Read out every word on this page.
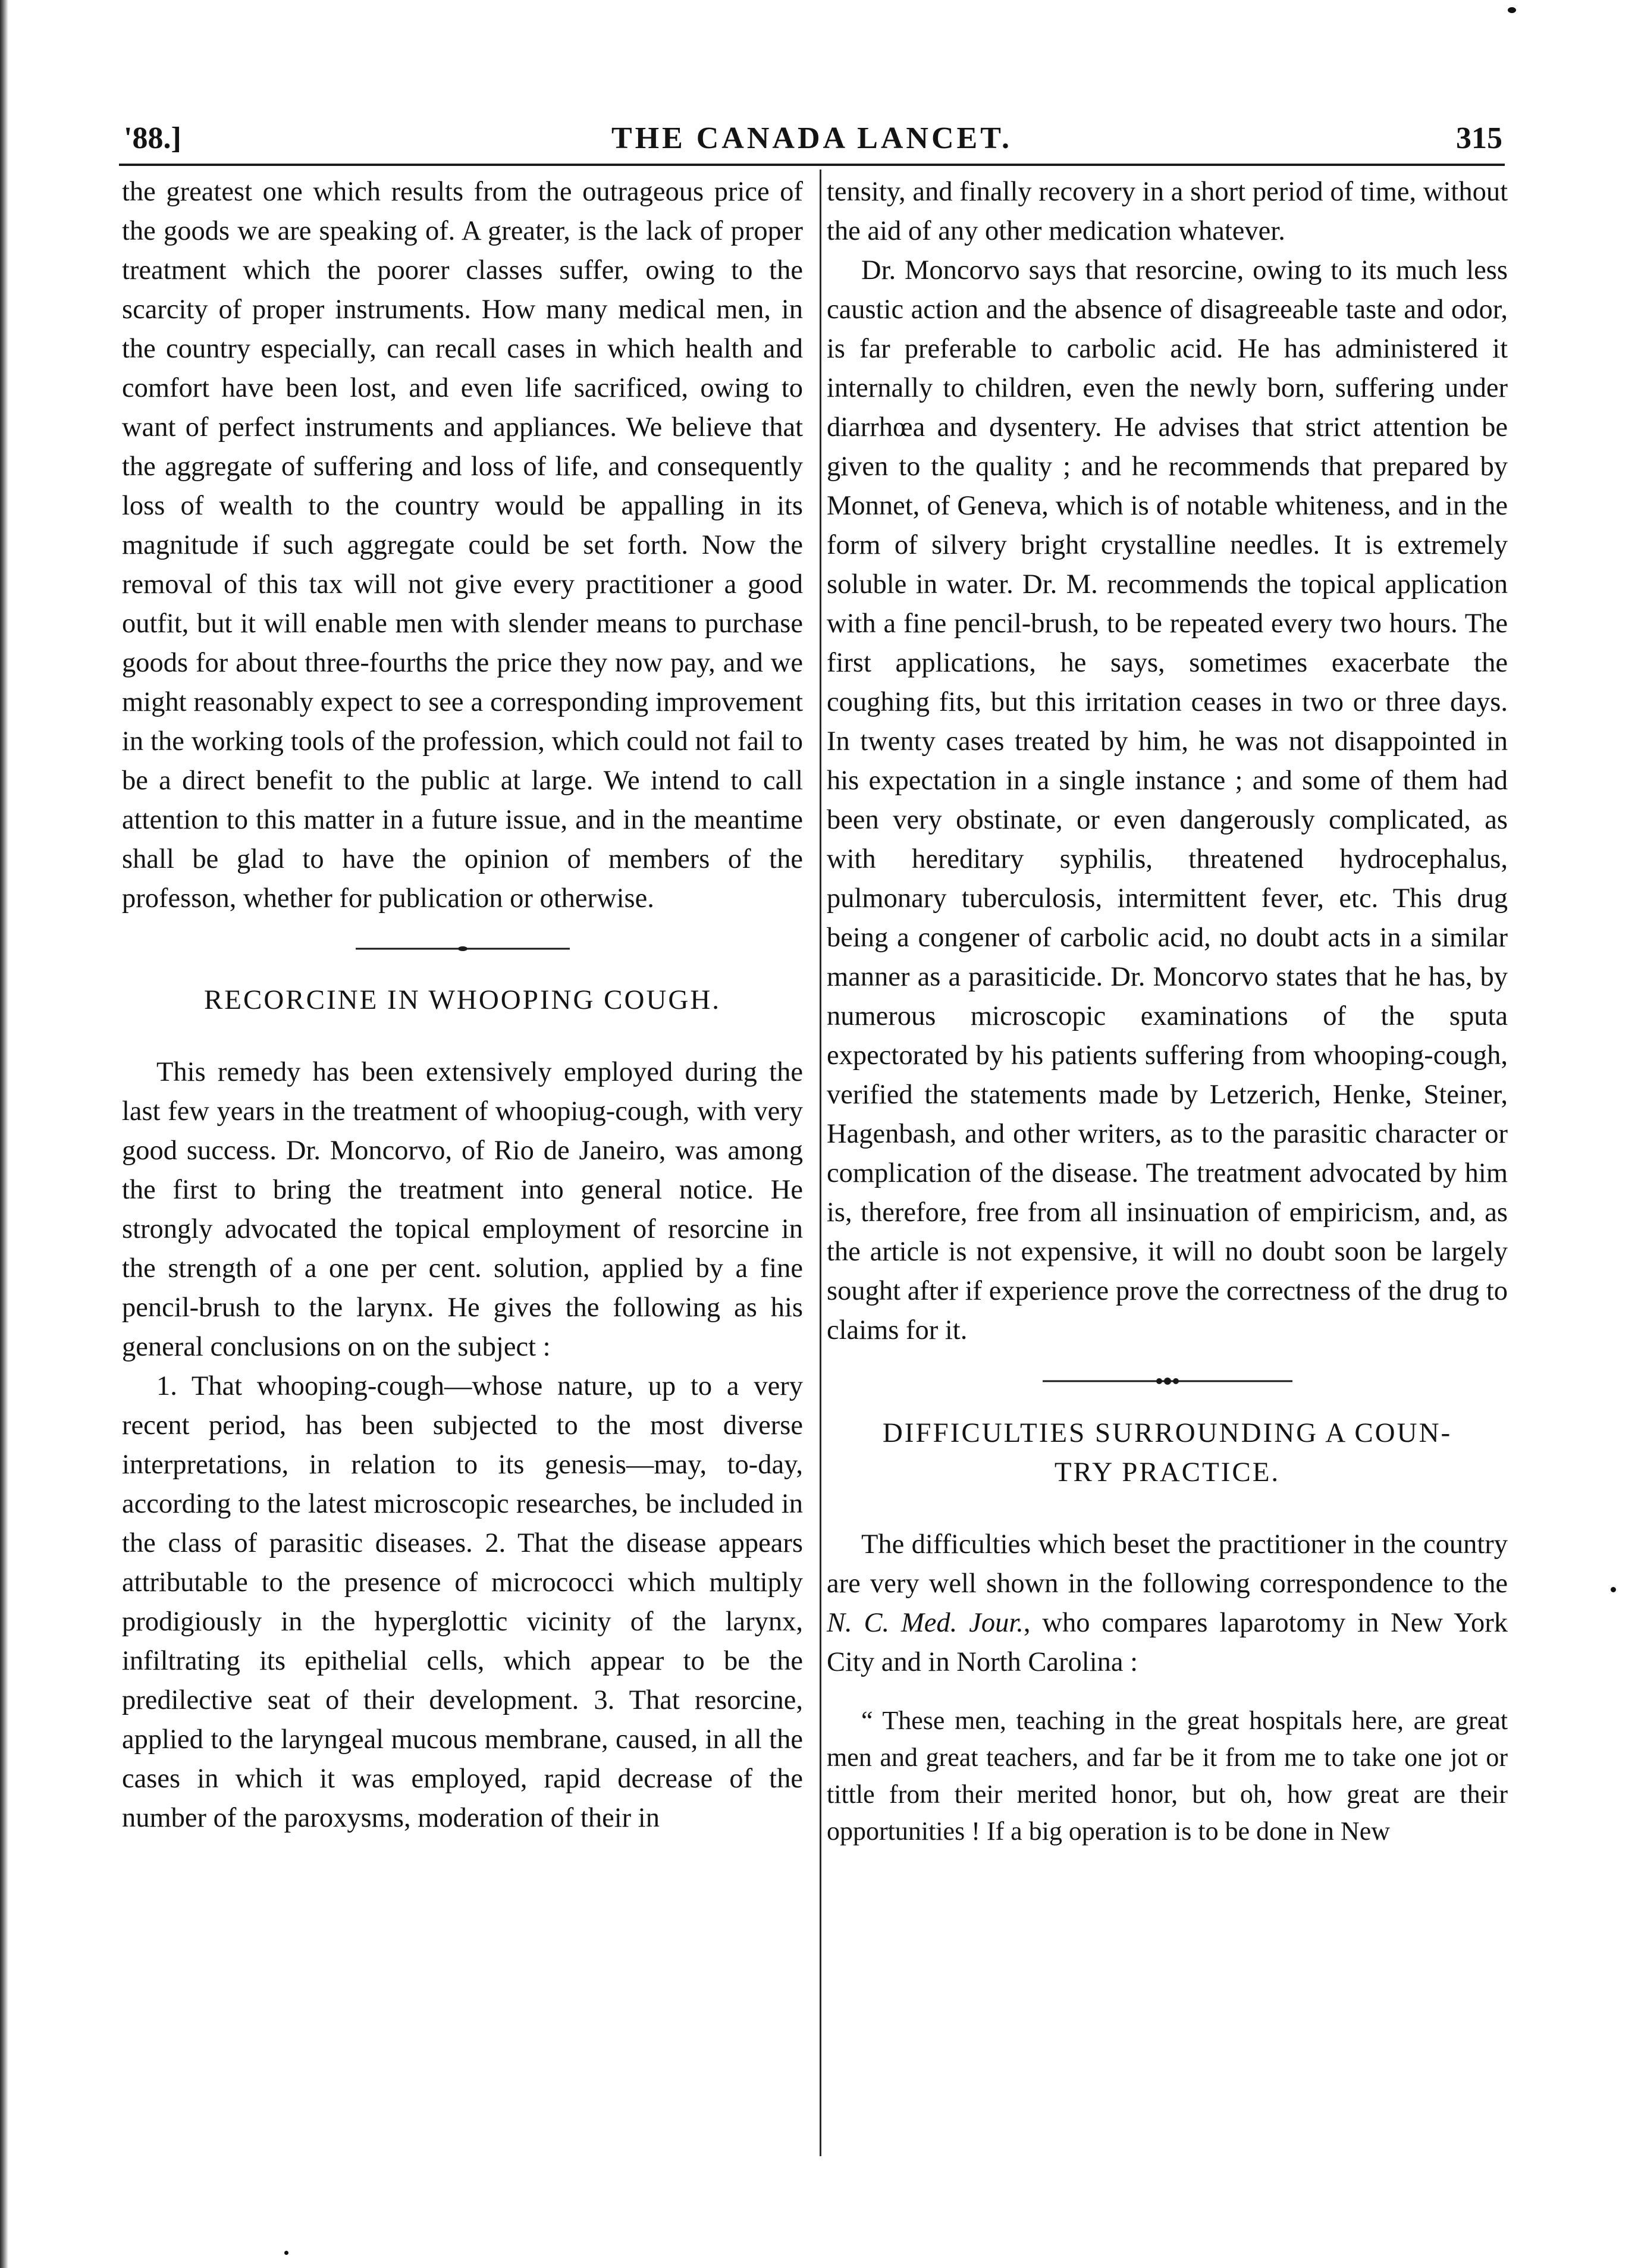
'88.]	THE CANADA LANCET.	315

the greatest one which results from the outrageous price of the goods we are speaking of. A greater, is the lack of proper treatment which the poorer classes suffer, owing to the scarcity of proper instruments. How many medical men, in the country especially, can recall cases in which health and comfort have been lost, and even life sacrificed, owing to want of perfect instruments and appliances. We believe that the aggregate of suffering and loss of life, and consequently loss of wealth to the country would be appalling in its magnitude if such aggregate could be set forth. Now the removal of this tax will not give every practitioner a good outfit, but it will enable men with slender means to purchase goods for about three-fourths the price they now pay, and we might reasonably expect to see a corresponding improvement in the working tools of the profession, which could not fail to be a direct benefit to the public at large. We intend to call attention to this matter in a future issue, and in the meantime shall be glad to have the opinion of members of the professon, whether for publication or otherwise.

RECORCINE IN WHOOPING COUGH.

This remedy has been extensively employed during the last few years in the treatment of whoopiug-cough, with very good success. Dr. Moncorvo, of Rio de Janeiro, was among the first to bring the treatment into general notice. He strongly advocated the topical employment of resorcine in the strength of a one per cent. solution, applied by a fine pencil-brush to the larynx. He gives the following as his general conclusions on on the subject :

1. That whooping-cough—whose nature, up to a very recent period, has been subjected to the most diverse interpretations, in relation to its genesis—may, to-day, according to the latest microscopic researches, be included in the class of parasitic diseases. 2. That the disease appears attributable to the presence of micrococci which multiply prodigiously in the hyperglottic vicinity of the larynx, infiltrating its epithelial cells, which appear to be the predilective seat of their development. 3. That resorcine, applied to the laryngeal mucous membrane, caused, in all the cases in which it was employed, rapid decrease of the number of the paroxysms, moderation of their in

tensity, and finally recovery in a short period of time, without the aid of any other medication whatever.

Dr. Moncorvo says that resorcine, owing to its much less caustic action and the absence of disagreeable taste and odor, is far preferable to carbolic acid. He has administered it internally to children, even the newly born, suffering under diarrhœa and dysentery. He advises that strict attention be given to the quality ; and he recommends that prepared by Monnet, of Geneva, which is of notable whiteness, and in the form of silvery bright crystalline needles. It is extremely soluble in water. Dr. M. recommends the topical application with a fine pencil-brush, to be repeated every two hours. The first applications, he says, sometimes exacerbate the coughing fits, but this irritation ceases in two or three days. In twenty cases treated by him, he was not disappointed in his expectation in a single instance ; and some of them had been very obstinate, or even dangerously complicated, as with hereditary syphilis, threatened hydrocephalus, pulmonary tuberculosis, intermittent fever, etc. This drug being a congener of carbolic acid, no doubt acts in a similar manner as a parasiticide. Dr. Moncorvo states that he has, by numerous microscopic examinations of the sputa expectorated by his patients suffering from whooping-cough, verified the statements made by Letzerich, Henke, Steiner, Hagenbash, and other writers, as to the parasitic character or complication of the disease. The treatment advocated by him is, therefore, free from all insinuation of empiricism, and, as the article is not expensive, it will no doubt soon be largely sought after if experience prove the correctness of the drug to claims for it.

DIFFICULTIES SURROUNDING A COUN-
TRY PRACTICE.

The difficulties which beset the practitioner in the country are very well shown in the following correspondence to the N. C. Med. Jour., who compares laparotomy in New York City and in North Carolina :

“ These men, teaching in the great hospitals here, are great men and great teachers, and far be it from me to take one jot or tittle from their merited honor, but oh, how great are their opportunities ! If a big operation is to be done in New
